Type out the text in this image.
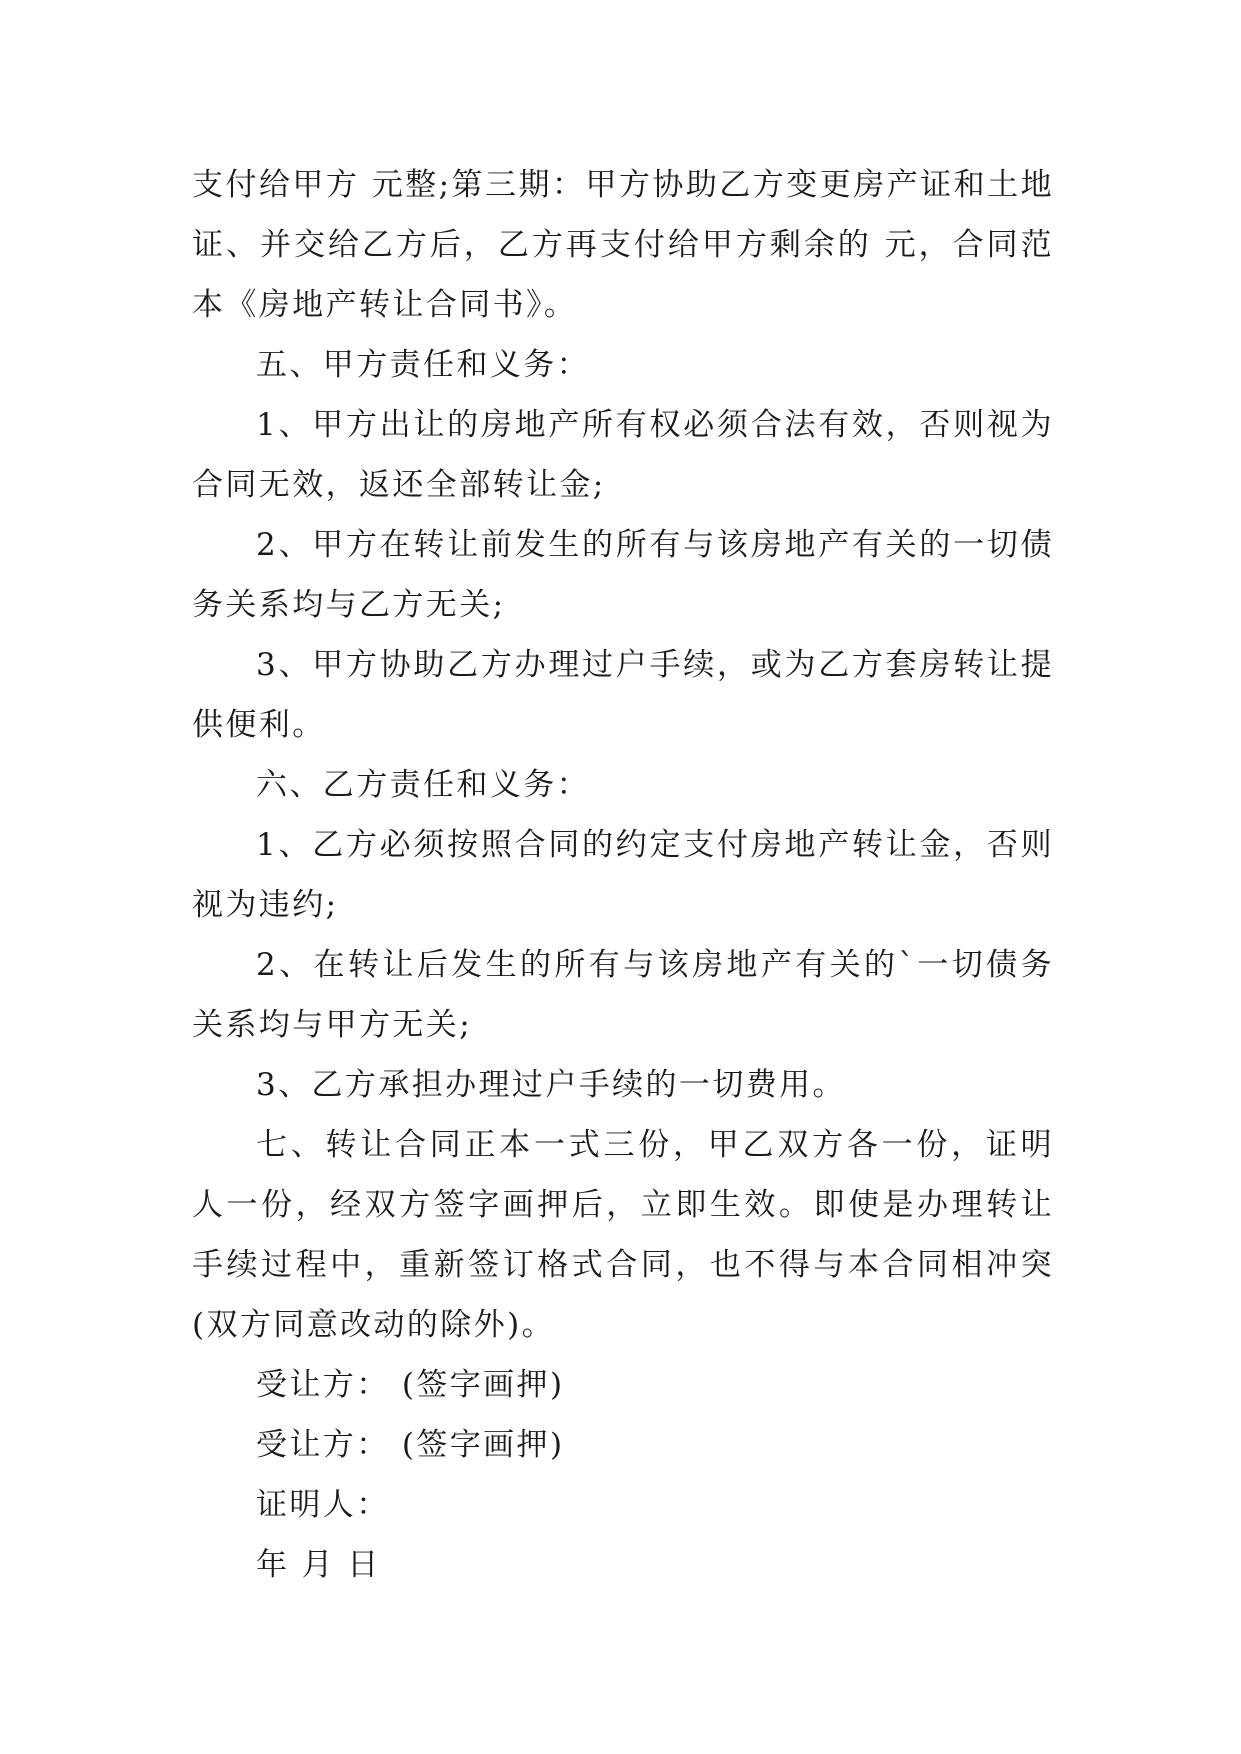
支付给甲方 元整;第三期：甲方协助乙方变更房产证和土地证、并交给乙方后，乙方再支付给甲方剩余的 元，合同范本《房地产转让合同书》。

五、甲方责任和义务：

1、甲方出让的房地产所有权必须合法有效，否则视为合同无效，返还全部转让金;

2、甲方在转让前发生的所有与该房地产有关的一切债务关系均与乙方无关;

3、甲方协助乙方办理过户手续，或为乙方套房转让提供便利。

六、乙方责任和义务：

1、乙方必须按照合同的约定支付房地产转让金，否则视为违约;

2、在转让后发生的所有与该房地产有关的`一切债务关系均与甲方无关;

3、乙方承担办理过户手续的一切费用。

七、转让合同正本一式三份，甲乙双方各一份，证明人一份，经双方签字画押后，立即生效。即使是办理转让手续过程中，重新签订格式合同，也不得与本合同相冲突(双方同意改动的除外)。

受让方： (签字画押)

受让方： (签字画押)

证明人：

年 月 日
